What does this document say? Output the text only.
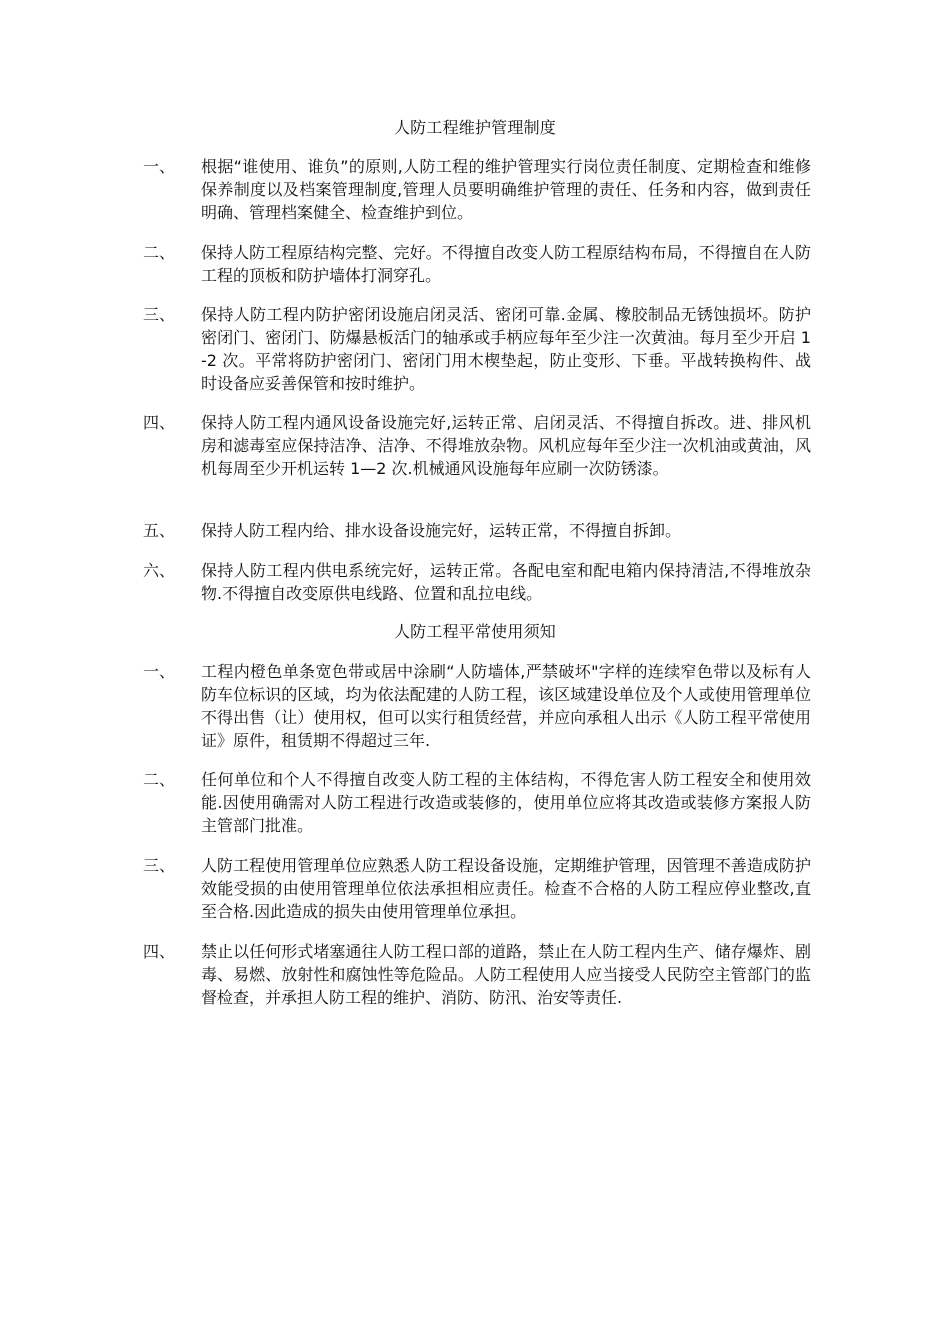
人防工程维护管理制度
一、	根据“谁使用、谁负”的原则,人防工程的维护管理实行岗位责任制度、定期检查和维修保养制度以及档案管理制度,管理人员要明确维护管理的责任、任务和内容，做到责任明确、管理档案健全、检查维护到位。
二、	保持人防工程原结构完整、完好。不得擅自改变人防工程原结构布局，不得擅自在人防工程的顶板和防护墙体打洞穿孔。
三、	保持人防工程内防护密闭设施启闭灵活、密闭可靠.金属、橡胶制品无锈蚀损坏。防护密闭门、密闭门、防爆悬板活门的轴承或手柄应每年至少注一次黄油。每月至少开启 1-2 次。平常将防护密闭门、密闭门用木楔垫起，防止变形、下垂。平战转换构件、战时设备应妥善保管和按时维护。
四、	保持人防工程内通风设备设施完好,运转正常、启闭灵活、不得擅自拆改。进、排风机房和滤毒室应保持洁净、洁净、不得堆放杂物。风机应每年至少注一次机油或黄油，风机每周至少开机运转 1—2 次.机械通风设施每年应刷一次防锈漆。
五、	保持人防工程内给、排水设备设施完好，运转正常，不得擅自拆卸。
六、	保持人防工程内供电系统完好，运转正常。各配电室和配电箱内保持清洁,不得堆放杂物.不得擅自改变原供电线路、位置和乱拉电线。
人防工程平常使用须知
一、	工程内橙色单条宽色带或居中涂刷“人防墙体,严禁破坏"字样的连续窄色带以及标有人防车位标识的区域，均为依法配建的人防工程，该区域建设单位及个人或使用管理单位不得出售（让）使用权，但可以实行租赁经营，并应向承租人出示《人防工程平常使用证》原件，租赁期不得超过三年.
二、	任何单位和个人不得擅自改变人防工程的主体结构，不得危害人防工程安全和使用效能.因使用确需对人防工程进行改造或装修的，使用单位应将其改造或装修方案报人防主管部门批准。
三、	人防工程使用管理单位应熟悉人防工程设备设施，定期维护管理，因管理不善造成防护效能受损的由使用管理单位依法承担相应责任。检查不合格的人防工程应停业整改,直至合格.因此造成的损失由使用管理单位承担。
四、	禁止以任何形式堵塞通往人防工程口部的道路，禁止在人防工程内生产、储存爆炸、剧毒、易燃、放射性和腐蚀性等危险品。人防工程使用人应当接受人民防空主管部门的监督检查，并承担人防工程的维护、消防、防汛、治安等责任.
